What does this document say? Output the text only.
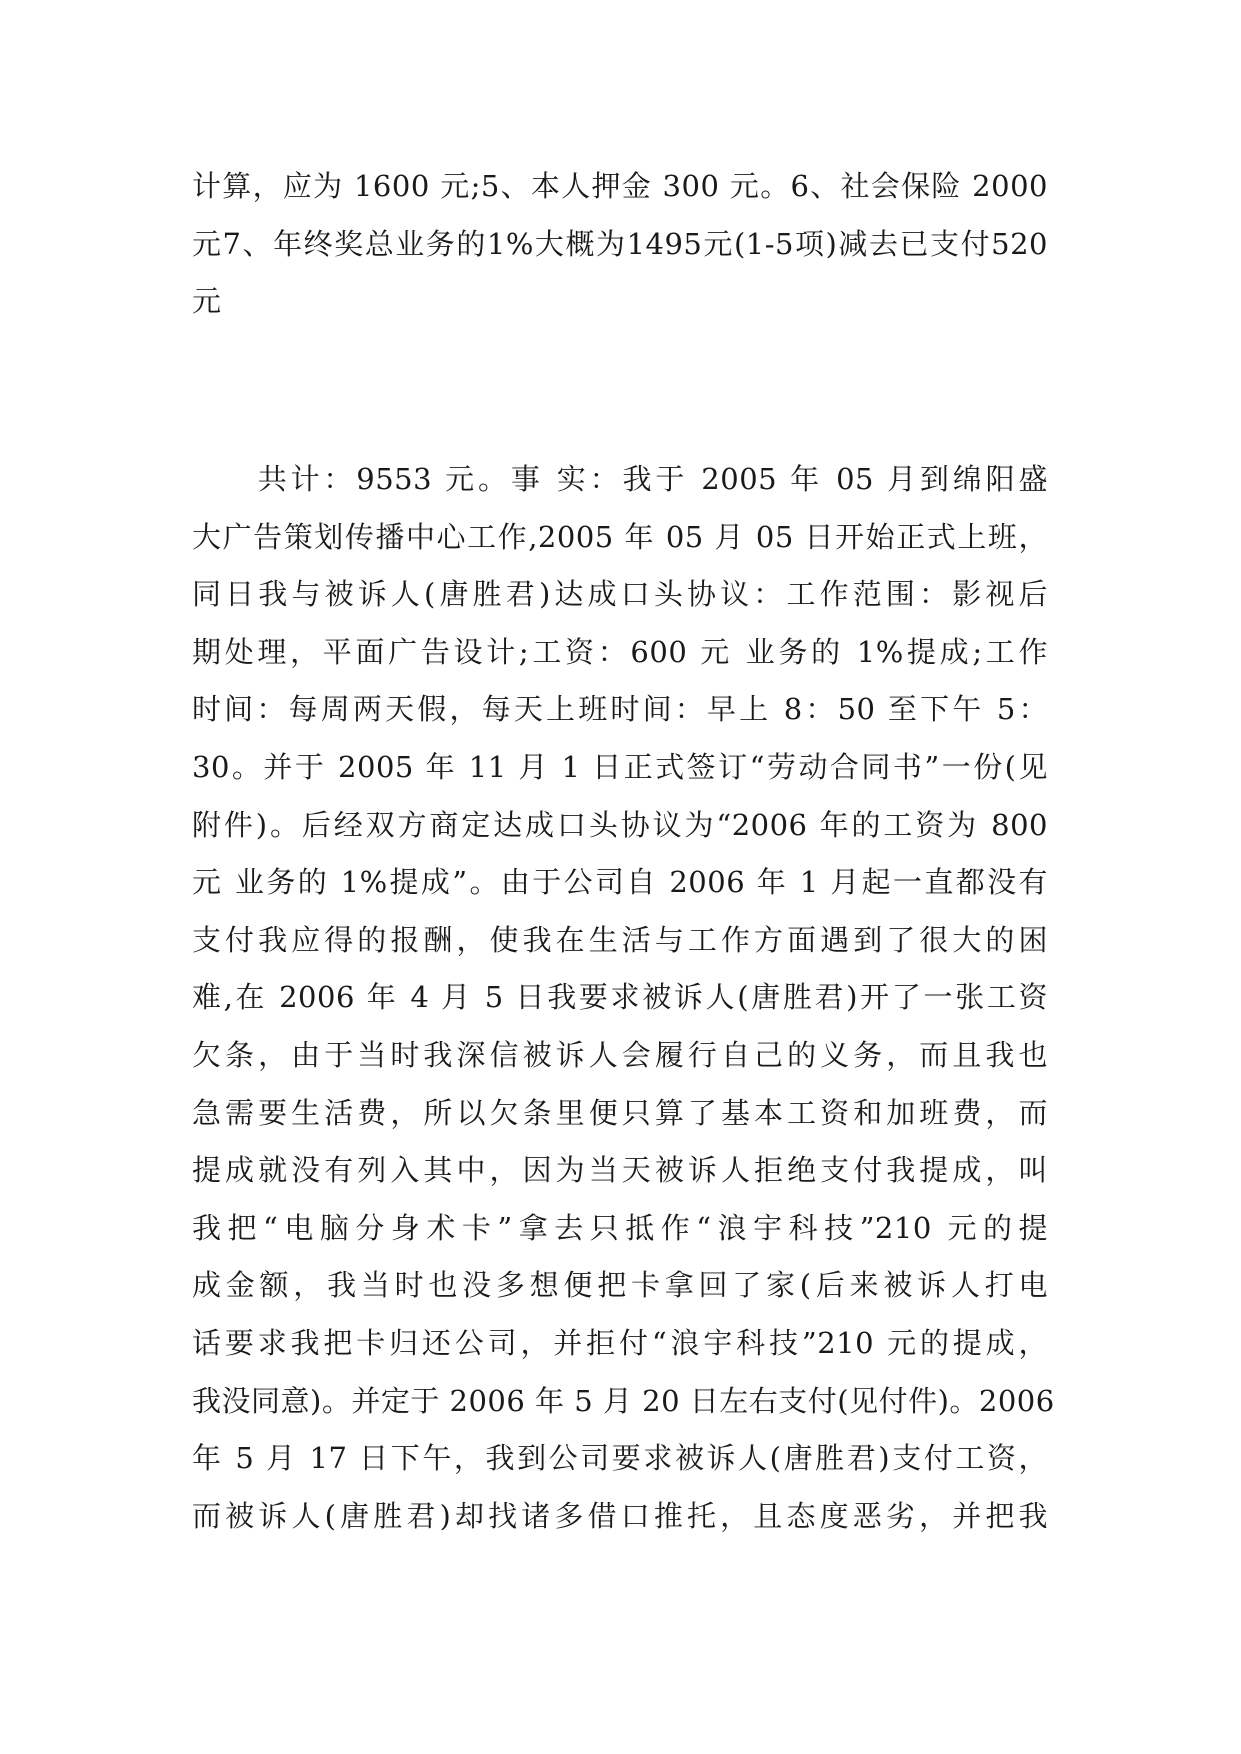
计算，应为 1600 元;5、本人押金 300 元。6、社会保险 2000
元7、年终奖总业务的1%大概为1495元(1-5项)减去已支付520
元
　　共计：9553 元。事 实：我于 2005 年 05 月到绵阳盛
大广告策划传播中心工作,2005 年 05 月 05 日开始正式上班，
同日我与被诉人(唐胜君)达成口头协议：工作范围：影视后
期处理，平面广告设计;工资：600 元 业务的 1%提成;工作
时间：每周两天假，每天上班时间：早上 8：50 至下午 5：
30。并于 2005 年 11 月 1 日正式签订“劳动合同书”一份(见
附件)。后经双方商定达成口头协议为“2006 年的工资为 800
元 业务的 1%提成”。由于公司自 2006 年 1 月起一直都没有
支付我应得的报酬，使我在生活与工作方面遇到了很大的困
难,在 2006 年 4 月 5 日我要求被诉人(唐胜君)开了一张工资
欠条，由于当时我深信被诉人会履行自己的义务，而且我也
急需要生活费，所以欠条里便只算了基本工资和加班费，而
提成就没有列入其中，因为当天被诉人拒绝支付我提成，叫
我把“电脑分身术卡”拿去只抵作“浪宇科技”210 元的提
成金额，我当时也没多想便把卡拿回了家(后来被诉人打电
话要求我把卡归还公司，并拒付“浪宇科技”210 元的提成，
我没同意)。并定于 2006 年 5 月 20 日左右支付(见付件)。2006
年 5 月 17 日下午，我到公司要求被诉人(唐胜君)支付工资，
而被诉人(唐胜君)却找诸多借口推托，且态度恶劣，并把我
